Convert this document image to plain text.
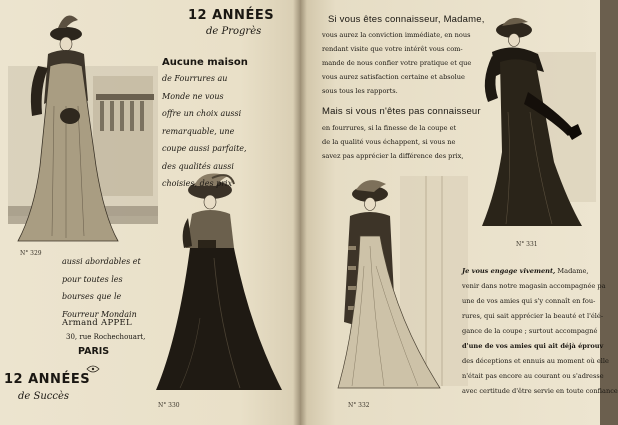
N° 329
N° 330
12 ANNÉES
de Progrès
Aucune maison
de Fourrures au
Monde ne vous
offre un choix aussi
remarquable, une
coupe aussi parfaite,
des qualités aussi
choisies, des prix
aussi abordables et
pour toutes les
bourses que le
Fourreur Mondain
Armand APPEL
30, rue Rochechouart,
PARIS
12 ANNÉES
de Succès
Si vous êtes connaisseur, Madame,
vous aurez la conviction immédiate, en nous
rendant visite que votre intérêt vous com-
mande de nous confier votre pratique et que
vous aurez satisfaction certaine et absolue
sous tous les rapports.
Mais si vous n'êtes pas connaisseur
en fourrures, si la finesse de la coupe et
de la qualité vous échappent, si vous ne
savez pas apprécier la différence des prix,
N° 331
N° 332
Je vous engage vivement, Madame,
venir dans notre magasin accompagnée pa
une de vos amies qui s'y connaît en fou-
rures, qui sait apprécier la beauté et l'élé-
gance de la coupe ; surtout accompagné
d'une de vos amies qui ait déjà éprouv
des déceptions et ennuis au moment où elle
n'était pas encore au courant ou s'adresse
avec certitude d'être servie en toute confiance
